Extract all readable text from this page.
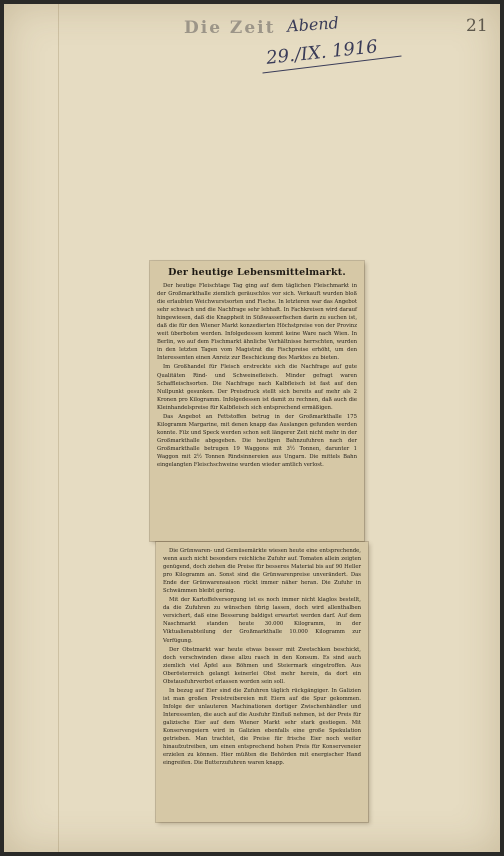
Die Zeit Abend
29./IX. 1916
21
Der heutige Lebensmittelmarkt.

Der heutige Fleischtage Tag ging auf dem täglichen Fleischmarkt in der Großmarkthalle ziemlich geräuschlos vor sich. Verkauft wurden bloß die erlaubten Weichwurstsorten und Fische. In letzteren war das Angebot sehr schwach und die Nachfrage sehr lebhaft. In Fachkreisen wird darauf hingewiesen, daß die Knappheit in Süßwasserfischen darin zu suchen ist, daß die für den Wiener Markt konzedierten Höchstpreise von der Provinz weit überboten werden. Infolgedessen kommt keine Ware nach Wien. In Berlin, wo auf dem Fischmarkt ähnliche Verhältnisse herrschten, wurden in den letzten Tagen vom Magistrat die Fischpreise erhöht, um den Interessenten einen Anreiz zur Beschickung des Marktes zu bieten.

Im Großhandel für Fleisch erstreckte sich die Nachfrage auf gute Qualitäten Rind- und Schweinefleisch. Minder gefragt waren Schaffleischsorten. Die Nachfrage nach Kalbfleisch ist fast auf den Nullpunkt gesunken. Der Preisdruck stellt sich bereits auf mehr als 2 Kronen pro Kilogramm. Infolgedessen ist damit zu rechnen, daß auch die Kleinhandelspreise für Kalbfleisch sich entsprechend ermäßigen.

Das Angebot an Fettstoffen betrug in der Großmarkthalle 175 Kilogramm Margarine, mit denen knapp das Auslangen gefunden werden konnte. Filz und Speck werden schon seit längerer Zeit nicht mehr in der Großmarkthalle abgegeben. Die heutigen Bahnzufuhren nach der Großmarkthalle betrugen 19 Waggons mit 3½ Tonnen, darunter 1 Waggon mit 2½ Tonnen Rindsinnereien aus Ungarn. Die mittels Bahn eingelangten Fleischschweine wurden wieder amtlich verlost.

Die Grünwaren- und Gemüsemärkte wiesen heute eine entsprechende, wenn auch nicht besonders reichliche Zufuhr auf. Tomaten allein zeigten genügend, doch ziehen die Preise für besseres Material bis auf 90 Heller pro Kilogramm an. Sonst sind die Grünwarenpreise unverändert. Das Ende der Grünwarensaison rückt immer näher heran. Die Zufuhr in Schwämmen bleibt gering.

Mit der Kartoffelversorgung ist es noch immer nicht klaglos bestellt, da die Zufuhren zu wünschen übrig lassen, doch wird allenthalben versichert, daß eine Besserung baldigst erwartet werden darf. Auf dem Naschmarkt standen heute 30.000 Kilogramm, in der Viktualienabteilung der Großmarkthalle 10.000 Kilogramm zur Verfügung.

Der Obstmarkt war heute etwas besser mit Zwetschken beschickt, doch verschwinden diese allzu rasch in den Konsum. Es sind auch ziemlich viel Äpfel aus Böhmen und Steiermark eingetroffen. Aus Oberösterreich gelangt keinerlei Obst mehr herein, da dort ein Obstausfuhrverbot erlassen worden sein soll.

In bezug auf Eier sind die Zufuhren täglich rückgängiger. In Galizien ist man großen Preistreibereien mit Eiern auf die Spur gekommen. Infolge der unlauteren Machinationen dortiger Zwischenhändler und Interessenten, die auch auf die Ausfuhr Einfluß nehmen, ist der Preis für galizische Eier auf dem Wiener Markt sehr stark gestiegen. Mit Konservengeiern wird in Galizien ebenfalls eine große Spekulation getrieben. Man trachtet, die Preise für frische Eier noch weiter hinaufzutreiben, um einen entsprechend hohen Preis für Konserveneier erzielen zu können. Hier müßten die Behörden mit energischer Hand eingreifen. Die Butterzufuhren waren knapp.
